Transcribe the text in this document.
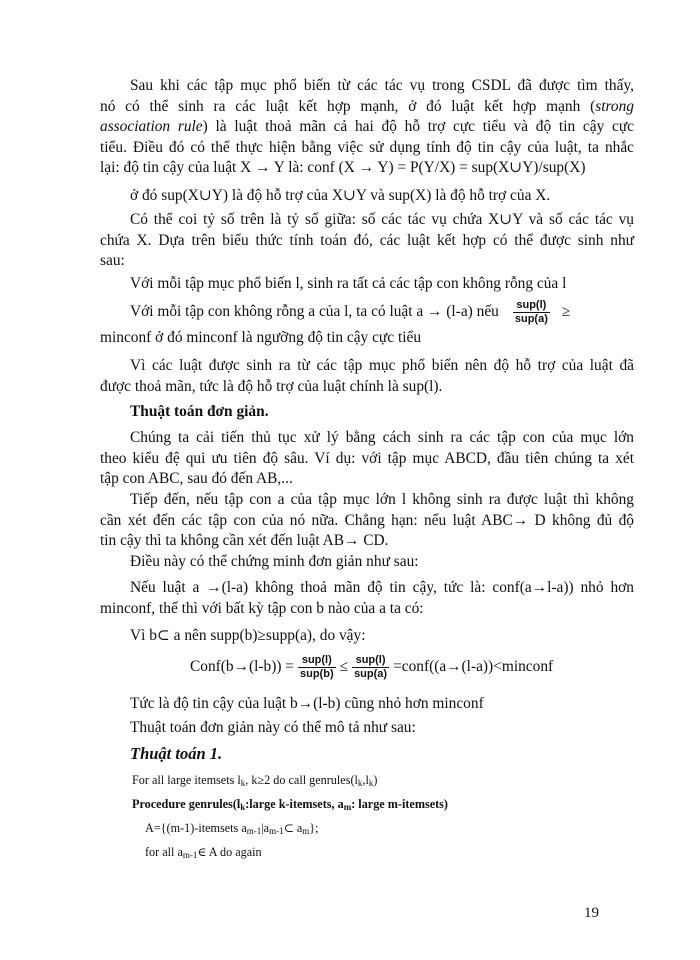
Sau khi các tập mục phổ biến từ các tác vụ trong CSDL đã được tìm thấy,
nó có thể sinh ra các luật kết hợp mạnh, ở đó luật kết hợp mạnh (strong
association rule) là luật thoả mãn cả hai độ hỗ trợ cực tiểu và độ tin cậy cực
tiểu. Điều đó có thể thực hiện bằng việc sử dụng tính độ tin cậy của luật, ta nhắc
lại: độ tin cậy của luật X → Y là: conf (X → Y) = P(Y/X) = sup(X∪Y)/sup(X)
ở đó sup(X∪Y) là độ hỗ trợ của X∪Y và sup(X) là độ hỗ trợ của X.
Có thể coi tỷ số trên là tỷ số giữa: số các tác vụ chứa X∪Y và số các tác vụ
chứa X. Dựa trên biểu thức tính toán đó, các luật kết hợp có thể được sinh như
sau:
Với mỗi tập mục phổ biến l, sinh ra tất cả các tập con không rỗng của l
Với mỗi tập con không rỗng a của l, ta có luật a → (l-a) nếu $\frac{\text{sup(l)}}{\text{sup(a)}}$ ≥
minconf ở đó minconf là ngưỡng độ tin cậy cực tiểu
Vì các luật được sinh ra từ các tập mục phổ biến nên độ hỗ trợ của luật đã
được thoả mãn, tức là độ hỗ trợ của luật chính là sup(l).
Thuật toán đơn giản.
Chúng ta cải tiến thủ tục xử lý bằng cách sinh ra các tập con của mục lớn
theo kiểu đệ qui ưu tiên độ sâu. Ví dụ: với tập mục ABCD, đầu tiên chúng ta xét
tập con ABC, sau đó đến AB,...
Tiếp đến, nếu tập con a của tập mục lớn l không sinh ra được luật thì không
cần xét đến các tập con của nó nữa. Chẳng hạn: nếu luật ABC→ D không đủ độ
tin cậy thì ta không cần xét đến luật AB→ CD.
Điều này có thể chứng minh đơn giản như sau:
Nếu luật a →(l-a) không thoả mãn độ tin cậy, tức là: conf(a→l-a)) nhỏ hơn
minconf, thế thì với bất kỳ tập con b nào của a ta có:
Vì b⊂ a nên supp(b)≥supp(a), do vậy:
Conf(b→(l-b)) = $\frac{\text{sup(l)}}{\text{sup(b)}} \le \frac{\text{sup(l)}}{\text{sup(a)}}$ =conf((a→(l-a))<minconf
Tức là độ tin cậy của luật b→(l-b) cũng nhỏ hơn minconf
Thuật toán đơn giản này có thể mô tả như sau:
Thuật toán 1.
For all large itemsets $l_k$, k≥2 do call $genrules(l_k,l_k)$
Procedure $genrules(l_k:large$ k-itemsets, $a_m$: large m-itemsets)
A={(m-1)-itemsets $a_{m-1}|a_{m-1}\subset$ $a_m$};
for all $a_{m-1}\in$ A do again
19
